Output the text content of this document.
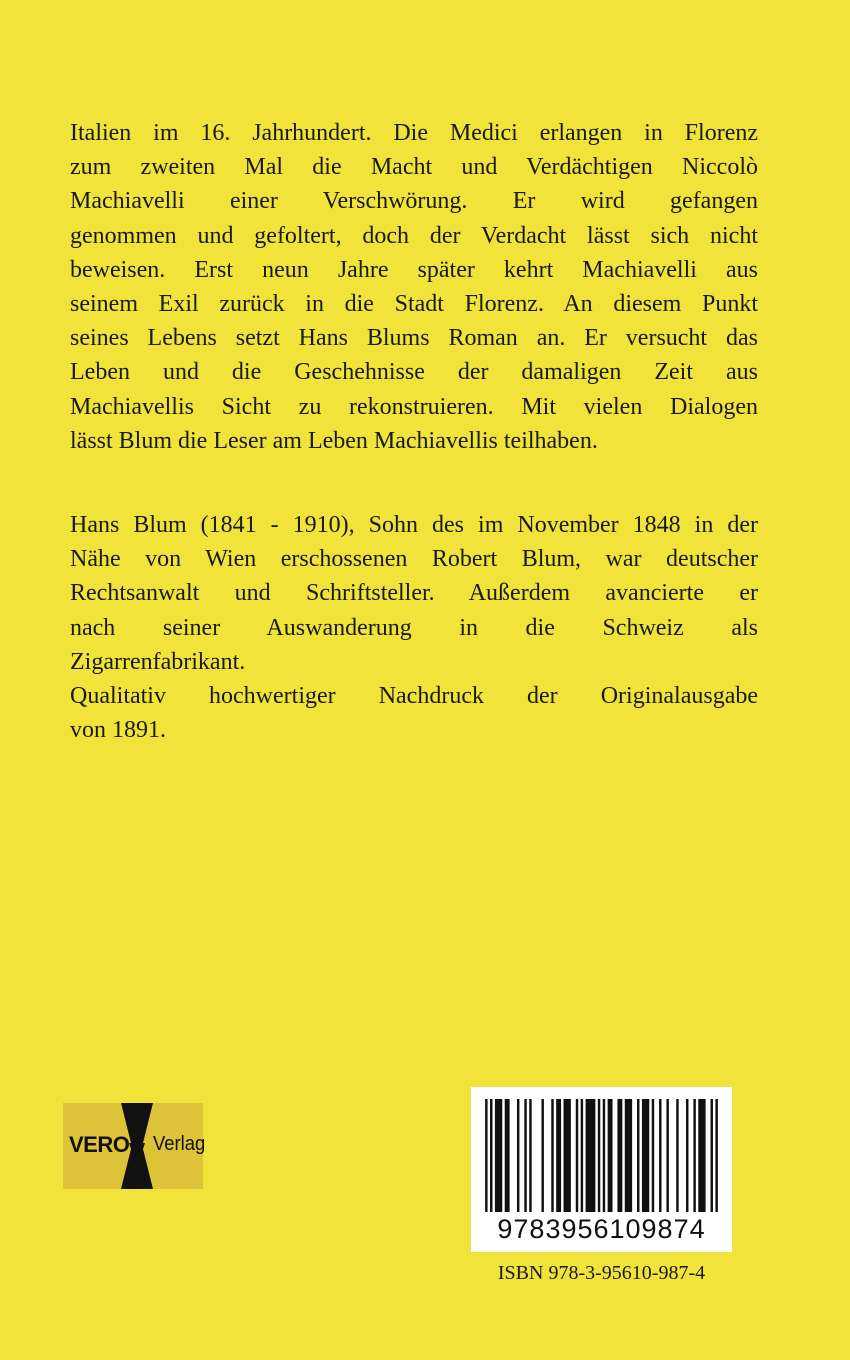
Italien im 16. Jahrhundert. Die Medici erlangen in Florenz
zum zweiten Mal die Macht und Verdächtigen Niccolò
Machiavelli einer Verschwörung. Er wird gefangen
genommen und gefoltert, doch der Verdacht lässt sich nicht
beweisen. Erst neun Jahre später kehrt Machiavelli aus
seinem Exil zurück in die Stadt Florenz. An diesem Punkt
seines Lebens setzt Hans Blums Roman an. Er versucht das
Leben und die Geschehnisse der damaligen Zeit aus
Machiavellis Sicht zu rekonstruieren. Mit vielen Dialogen
lässt Blum die Leser am Leben Machiavellis teilhaben.
Hans Blum (1841 - 1910), Sohn des im November 1848 in der
Nähe von Wien erschossenen Robert Blum, war deutscher
Rechtsanwalt und Schriftsteller. Außerdem avancierte er
nach seiner Auswanderung in die Schweiz als
Zigarrenfabrikant.
Qualitativ hochwertiger Nachdruck der Originalausgabe
von 1891.
VERO Verlag
9783956109874
ISBN 978-3-95610-987-4
